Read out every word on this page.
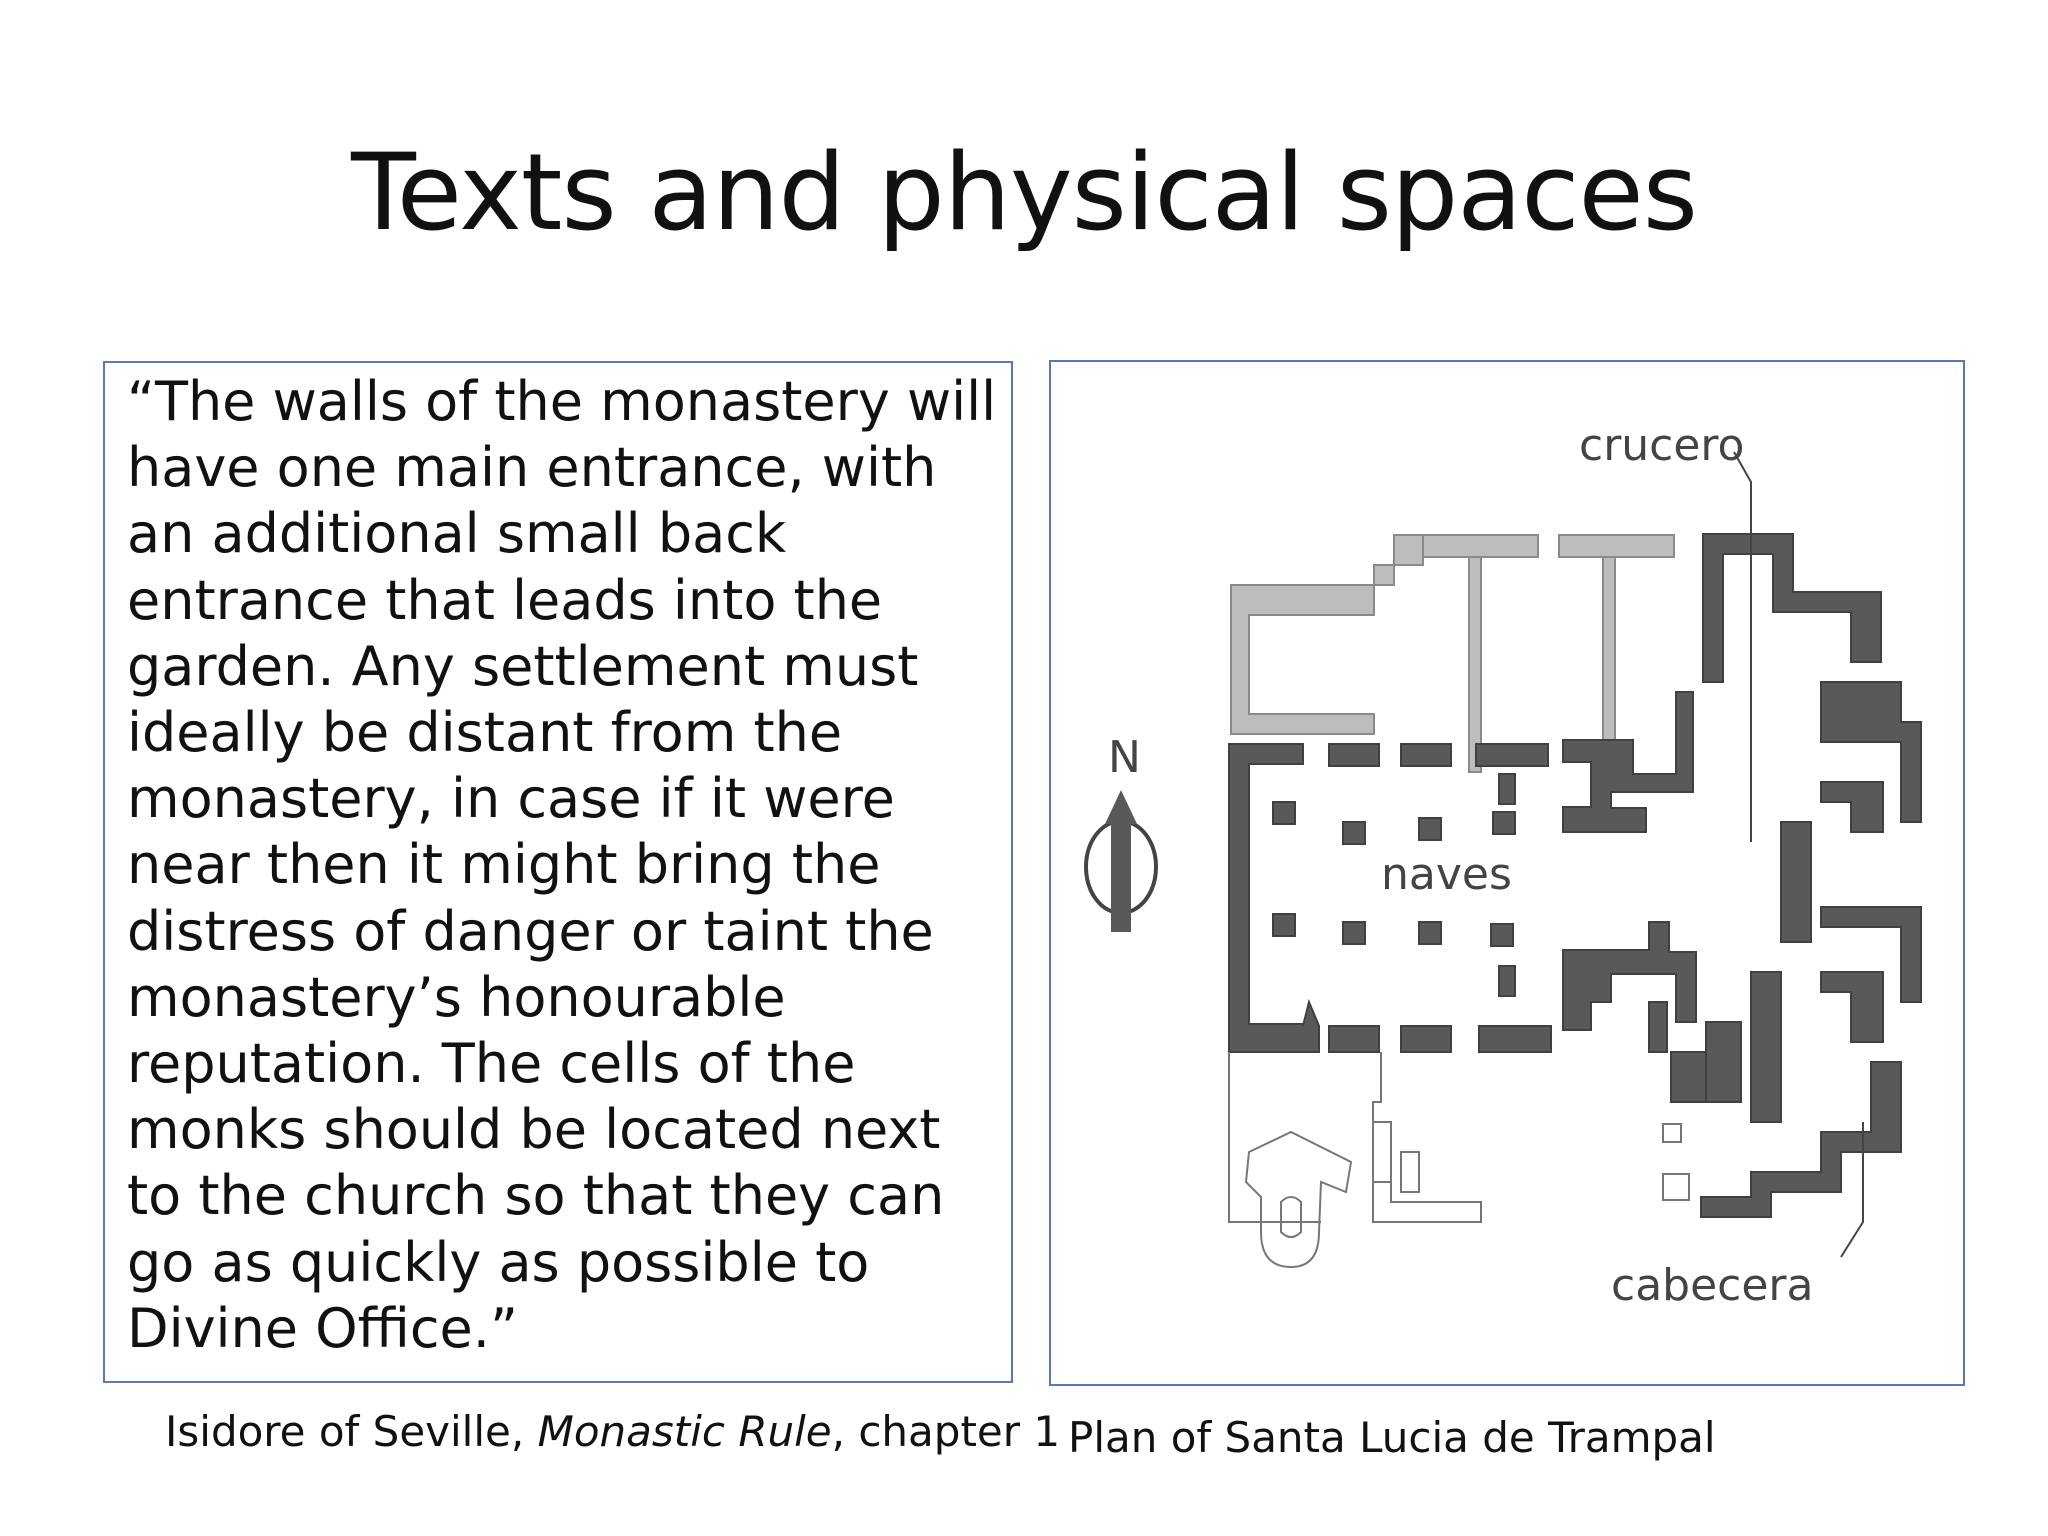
Texts and physical spaces

“The walls of the monastery will have one main entrance, with an additional small back entrance that leads into the garden. Any settlement must ideally be distant from the monastery, in case if it were near then it might bring the distress of danger or taint the monastery’s honourable reputation. The cells of the monks should be located next to the church so that they can go as quickly as possible to Divine Office.”

N
crucero
naves
cabecera
Isidore of Seville, Monastic Rule, chapter 1 Plan of Santa Lucia de Trampal
